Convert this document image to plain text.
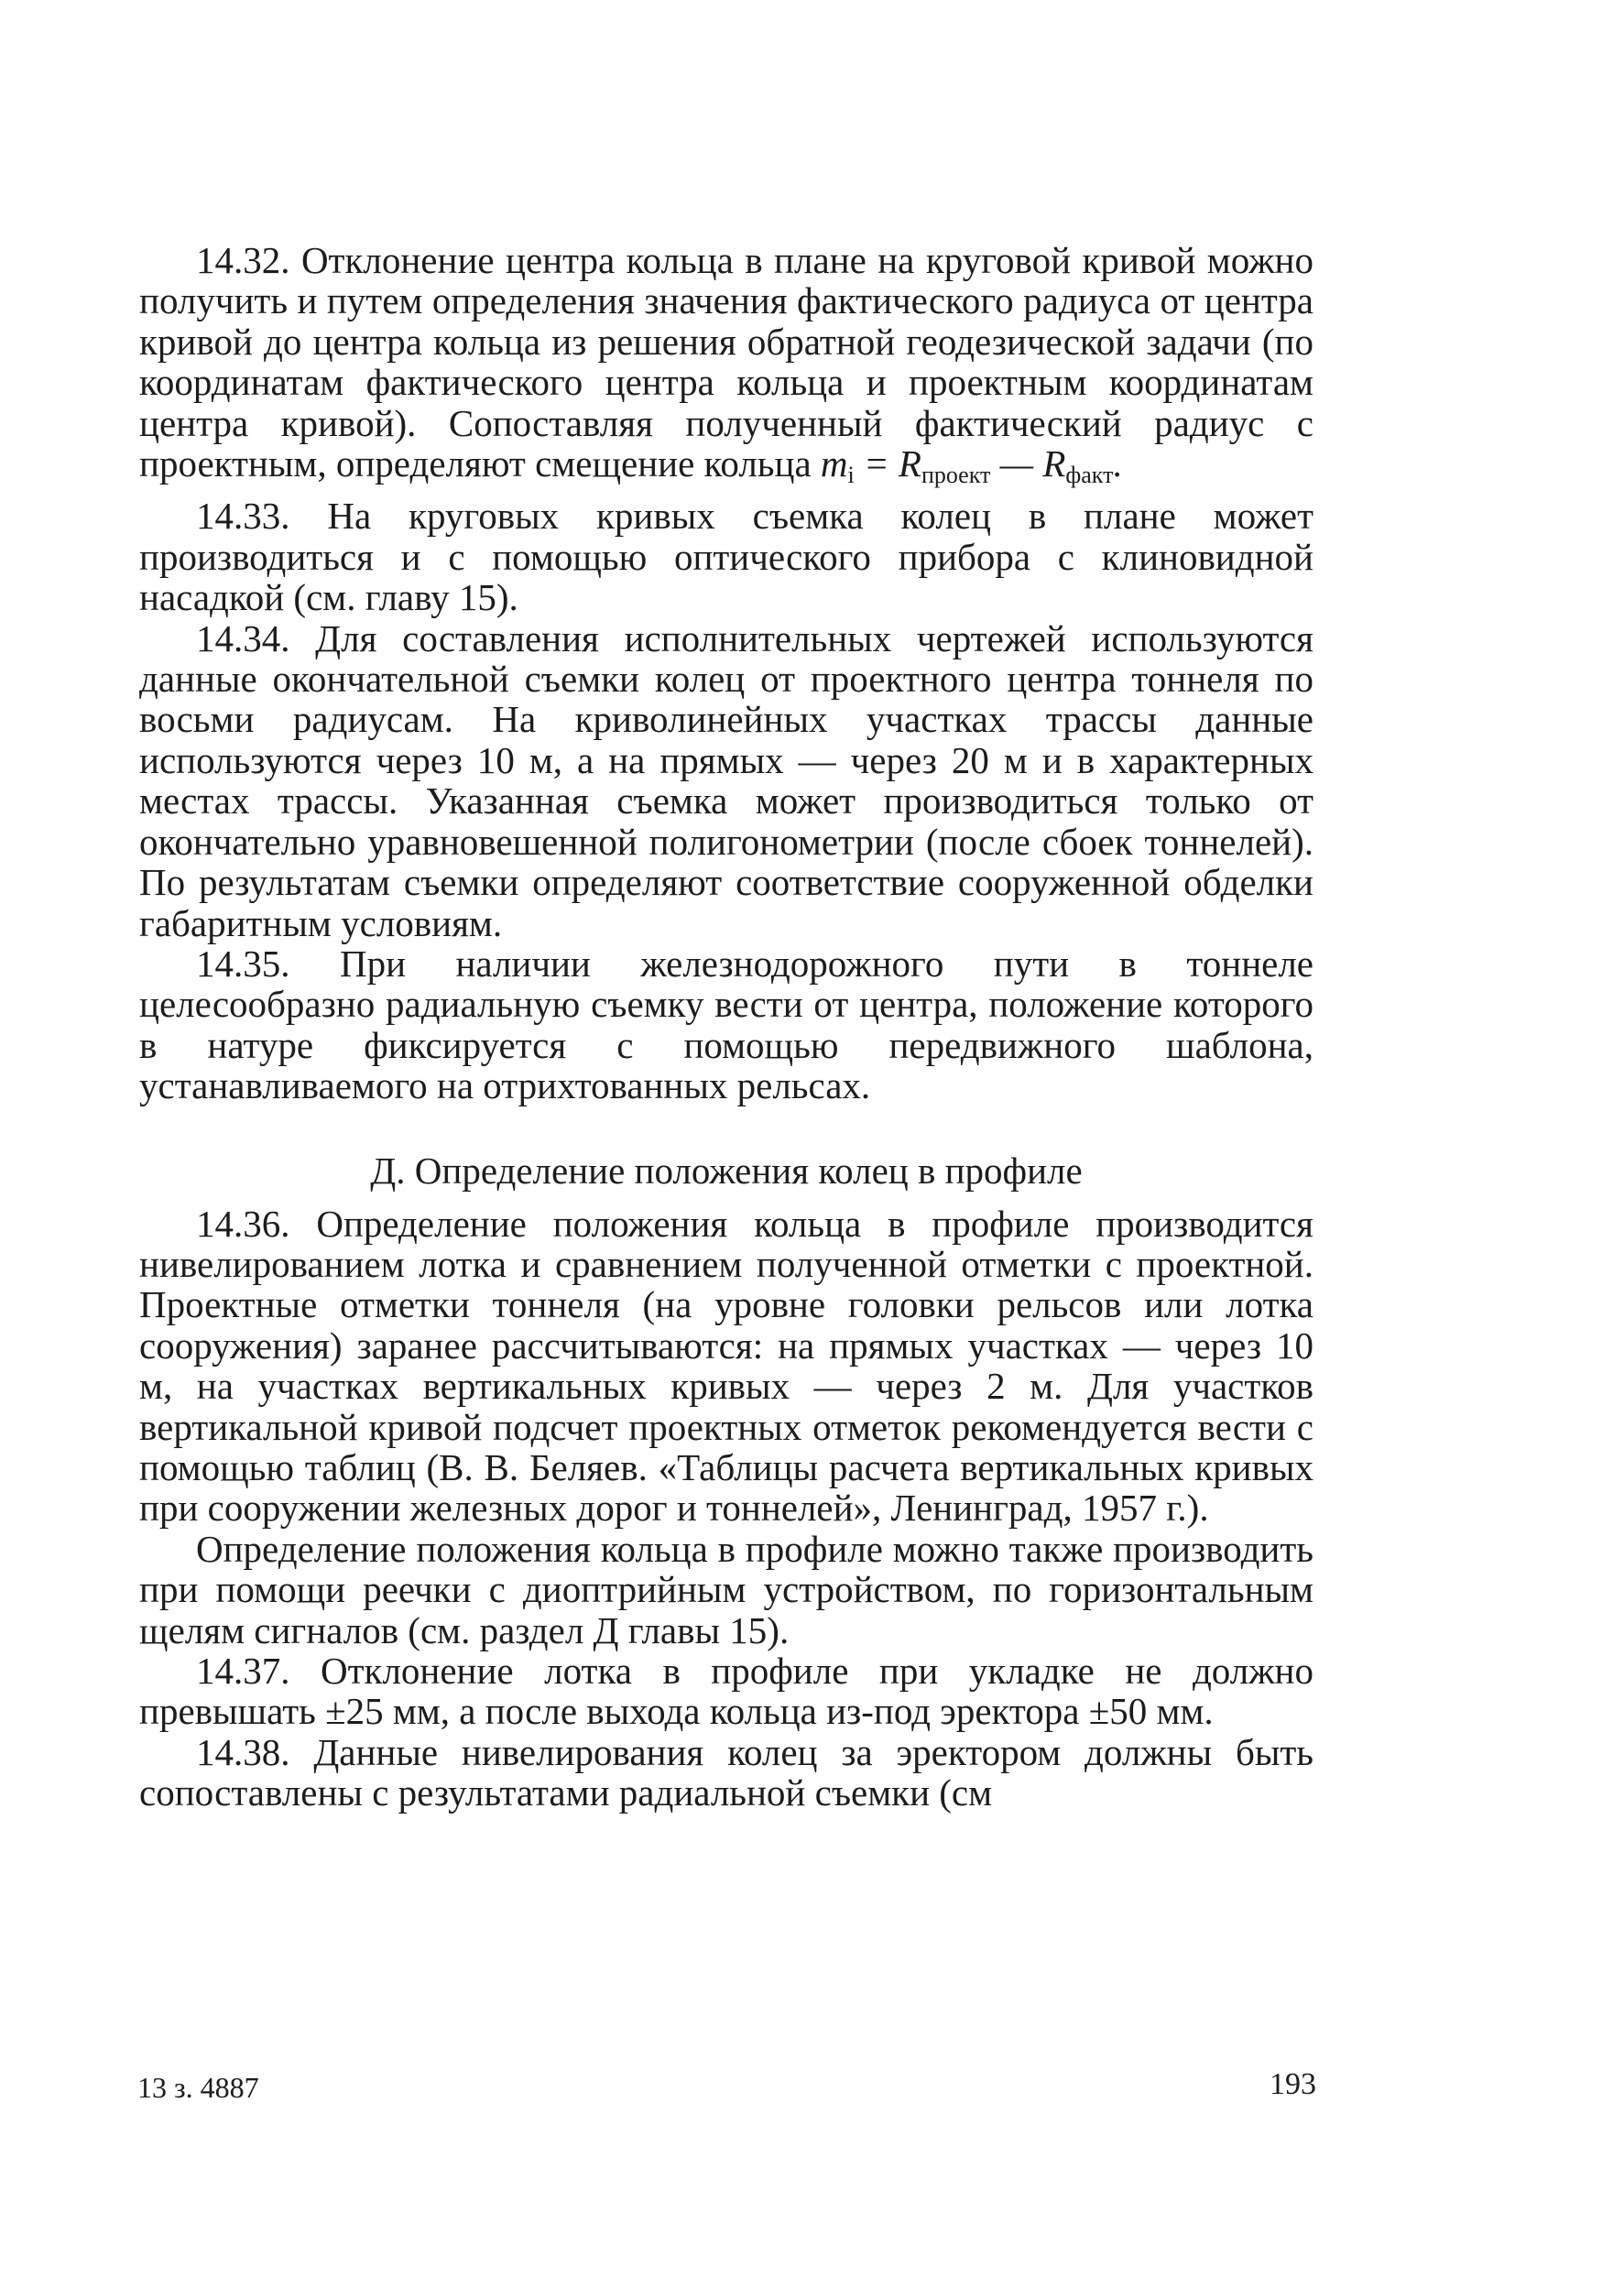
14.32. Отклонение центра кольца в плане на круговой кривой можно получить и путем определения значения фактического радиуса от центра кривой до центра кольца из решения обратной геодезической задачи (по координатам фактического центра кольца и проектным координатам центра кривой). Сопоставляя полученный фактический радиус с проектным, определяют смещение кольца $m_i = R_{проект}$ — $R_{факт}$.

14.33. На круговых кривых съемка колец в плане может производиться и с помощью оптического прибора с клиновидной насадкой (см. главу 15).

14.34. Для составления исполнительных чертежей используются данные окончательной съемки колец от проектного центра тоннеля по восьми радиусам. На криволинейных участках трассы данные используются через 10 м, а на прямых — через 20 м и в характерных местах трассы. Указанная съемка может производиться только от окончательно уравновешенной полигонометрии (после сбоек тоннелей). По результатам съемки определяют соответствие сооруженной обделки габаритным условиям.

14.35. При наличии железнодорожного пути в тоннеле целесообразно радиальную съемку вести от центра, положение которого в натуре фиксируется с помощью передвижного шаблона, устанавливаемого на отрихтованных рельсах.

Д. Определение положения колец в профиле

14.36. Определение положения кольца в профиле производится нивелированием лотка и сравнением полученной отметки с проектной. Проектные отметки тоннеля (на уровне головки рельсов или лотка сооружения) заранее рассчитываются: на прямых участках — через 10 м, на участках вертикальных кривых — через 2 м. Для участков вертикальной кривой подсчет проектных отметок рекомендуется вести с помощью таблиц (В. В. Беляев. «Таблицы расчета вертикальных кривых при сооружении железных дорог и тоннелей», Ленинград, 1957 г.).

Определение положения кольца в профиле можно также производить при помощи реечки с диоптрийным устройством, по горизонтальным щелям сигналов (см. раздел Д главы 15).

14.37. Отклонение лотка в профиле при укладке не должно превышать ±25 мм, а после выхода кольца из-под эректора ±50 мм.

14.38. Данные нивелирования колец за эректором должны быть сопоставлены с результатами радиальной съемки (см

13 з. 4887	193
